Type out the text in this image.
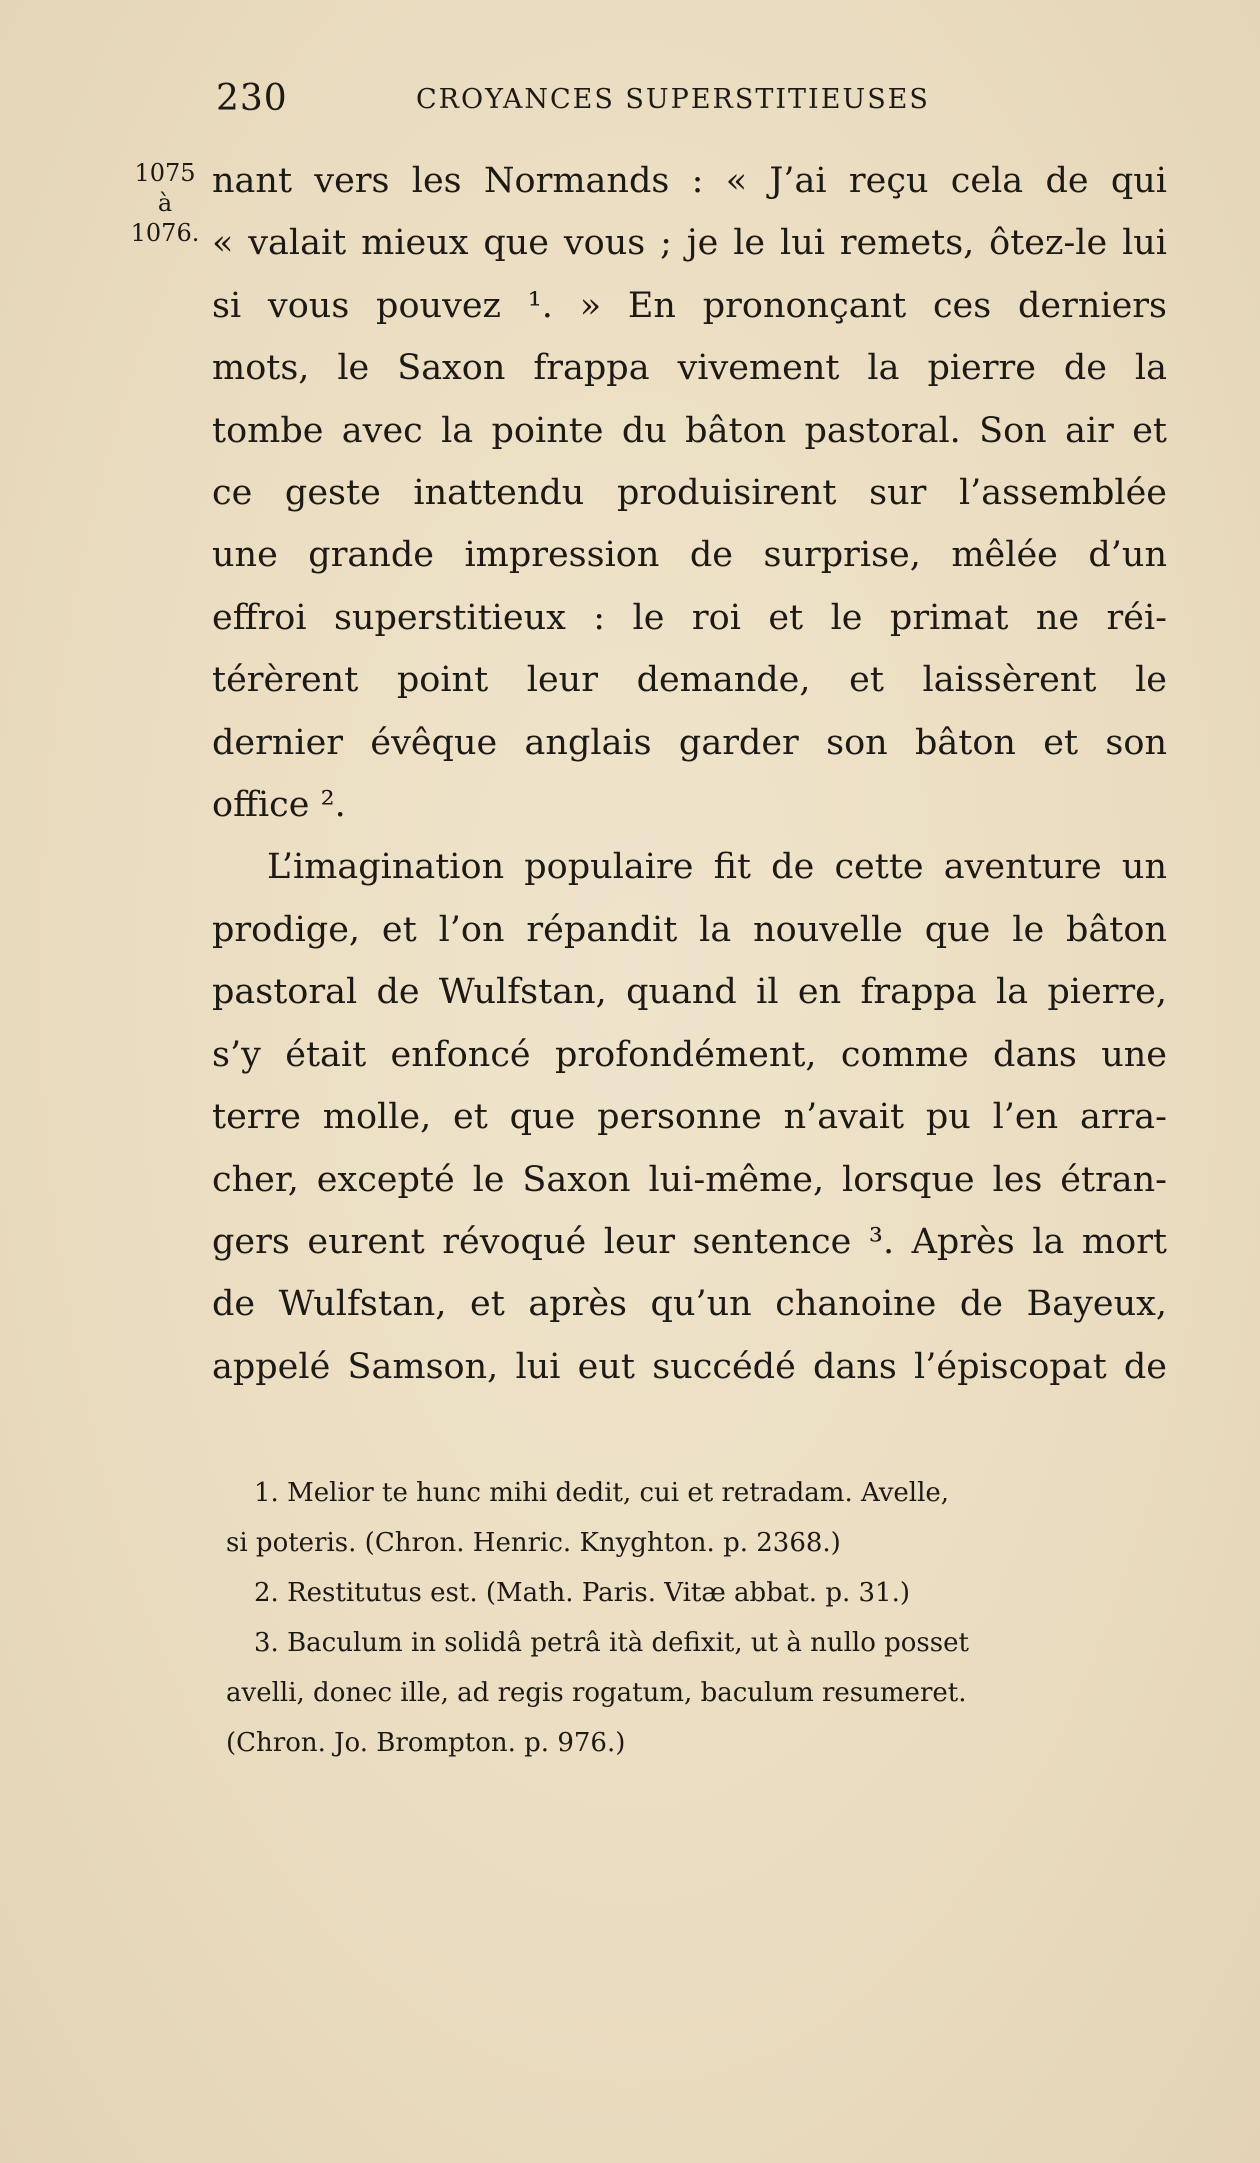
230	CROYANCES SUPERSTITIEUSES
1075
à
1076.
nant vers les Normands : « J’ai reçu cela de qui
« valait mieux que vous ; je le lui remets, ôtez-le lui
si vous pouvez ¹. » En prononçant ces derniers
mots, le Saxon frappa vivement la pierre de la
tombe avec la pointe du bâton pastoral. Son air et
ce geste inattendu produisirent sur l’assemblée
une grande impression de surprise, mêlée d’un
effroi superstitieux : le roi et le primat ne réi-
térèrent point leur demande, et laissèrent le
dernier évêque anglais garder son bâton et son
office ².
L’imagination populaire fit de cette aventure un
prodige, et l’on répandit la nouvelle que le bâton
pastoral de Wulfstan, quand il en frappa la pierre,
s’y était enfoncé profondément, comme dans une
terre molle, et que personne n’avait pu l’en arra-
cher, excepté le Saxon lui-même, lorsque les étran-
gers eurent révoqué leur sentence ³. Après la mort
de Wulfstan, et après qu’un chanoine de Bayeux,
appelé Samson, lui eut succédé dans l’épiscopat de
1. Melior te hunc mihi dedit, cui et retradam. Avelle,
si poteris. (Chron. Henric. Knyghton. p. 2368.)
2. Restitutus est. (Math. Paris. Vitæ abbat. p. 31.)
3. Baculum in solidâ petrâ ità defixit, ut à nullo posset
avelli, donec ille, ad regis rogatum, baculum resumeret.
(Chron. Jo. Brompton. p. 976.)
